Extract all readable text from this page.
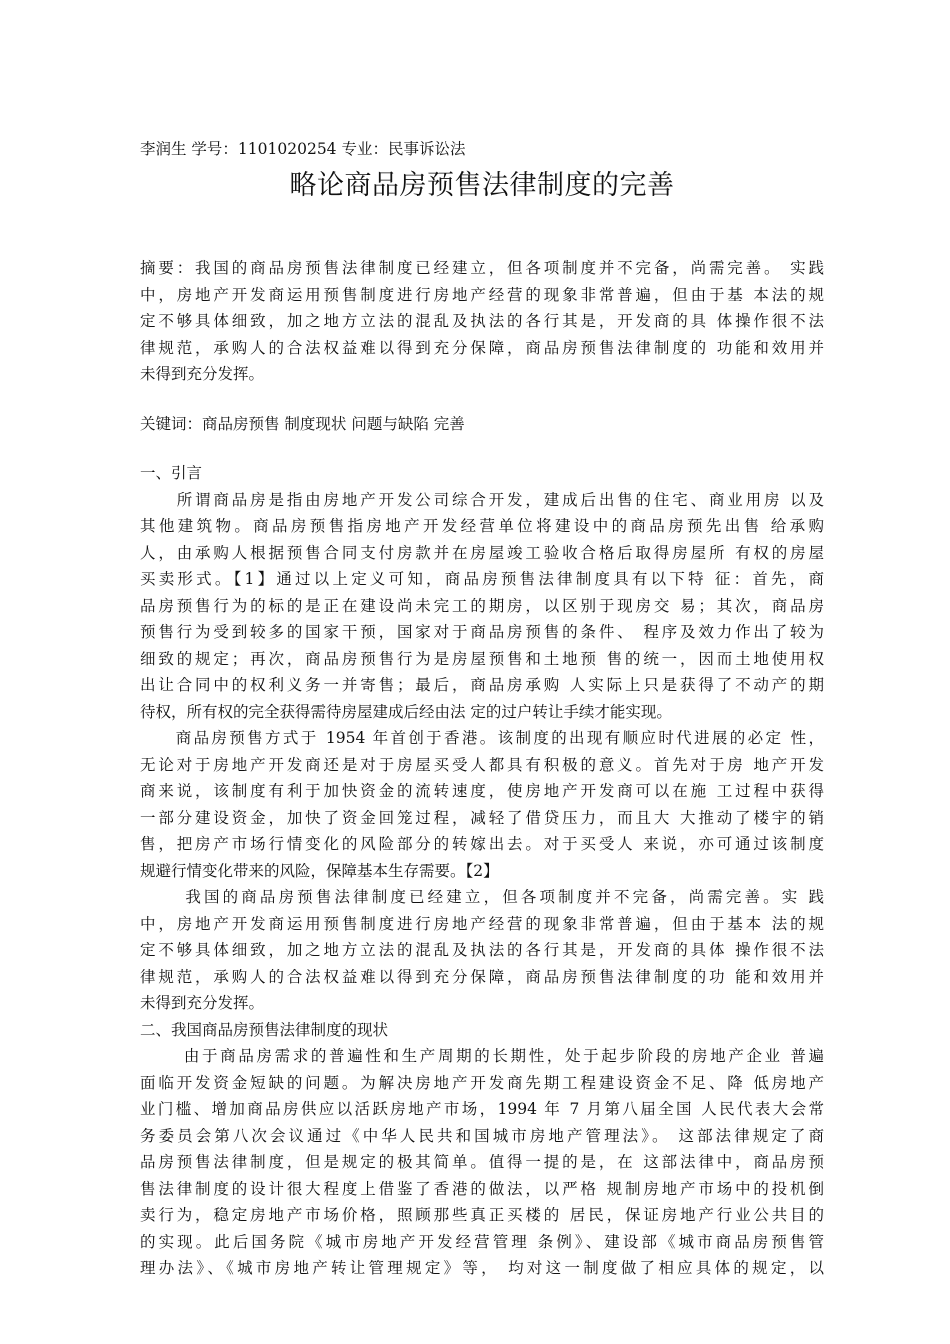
李润生 学号：1101020254 专业：民事诉讼法
略论商品房预售法律制度的完善
摘要：我国的商品房预售法律制度已经建立，但各项制度并不完备，尚需完善。 实践
中，房地产开发商运用预售制度进行房地产经营的现象非常普遍，但由于基 本法的规
定不够具体细致，加之地方立法的混乱及执法的各行其是，开发商的具 体操作很不法
律规范，承购人的合法权益难以得到充分保障，商品房预售法律制度的 功能和效用并
未得到充分发挥。
关键词：商品房预售 制度现状 问题与缺陷 完善
一、引言
　　所谓商品房是指由房地产开发公司综合开发，建成后出售的住宅、商业用房 以及
其他建筑物。商品房预售指房地产开发经营单位将建设中的商品房预先出售 给承购
人，由承购人根据预售合同支付房款并在房屋竣工验收合格后取得房屋所 有权的房屋
买卖形式。【1】通过以上定义可知，商品房预售法律制度具有以下特 征：首先，商
品房预售行为的标的是正在建设尚未完工的期房，以区别于现房交 易；其次，商品房
预售行为受到较多的国家干预，国家对于商品房预售的条件、 程序及效力作出了较为
细致的规定；再次，商品房预售行为是房屋预售和土地预 售的统一，因而土地使用权
出让合同中的权利义务一并寄售；最后，商品房承购 人实际上只是获得了不动产的期
待权，所有权的完全获得需待房屋建成后经由法 定的过户转让手续才能实现。
　　商品房预售方式于 1954 年首创于香港。该制度的出现有顺应时代进展的必定 性，
无论对于房地产开发商还是对于房屋买受人都具有积极的意义。首先对于房 地产开发
商来说，该制度有利于加快资金的流转速度，使房地产开发商可以在施 工过程中获得
一部分建设资金，加快了资金回笼过程，减轻了借贷压力，而且大 大推动了楼宇的销
售，把房产市场行情变化的风险部分的转嫁出去。对于买受人 来说，亦可通过该制度
规避行情变化带来的风险，保障基本生存需要。【2】
　　 我国的商品房预售法律制度已经建立，但各项制度并不完备，尚需完善。实 践
中，房地产开发商运用预售制度进行房地产经营的现象非常普遍，但由于基本 法的规
定不够具体细致，加之地方立法的混乱及执法的各行其是，开发商的具体 操作很不法
律规范，承购人的合法权益难以得到充分保障，商品房预售法律制度的功 能和效用并
未得到充分发挥。
二、我国商品房预售法律制度的现状
　　 由于商品房需求的普遍性和生产周期的长期性，处于起步阶段的房地产企业 普遍
面临开发资金短缺的问题。为解决房地产开发商先期工程建设资金不足、降 低房地产
业门槛、增加商品房供应以活跃房地产市场，1994 年 7 月第八届全国 人民代表大会常
务委员会第八次会议通过《中华人民共和国城市房地产管理法》。 这部法律规定了商
品房预售法律制度，但是规定的极其简单。值得一提的是，在 这部法律中，商品房预
售法律制度的设计很大程度上借鉴了香港的做法，以严格 规制房地产市场中的投机倒
卖行为，稳定房地产市场价格，照顾那些真正买楼的 居民，保证房地产行业公共目的
的实现。此后国务院《城市房地产开发经营管理 条例》、建设部《城市商品房预售管
理办法》、《城市房地产转让管理规定》等， 均对这一制度做了相应具体的规定，以
